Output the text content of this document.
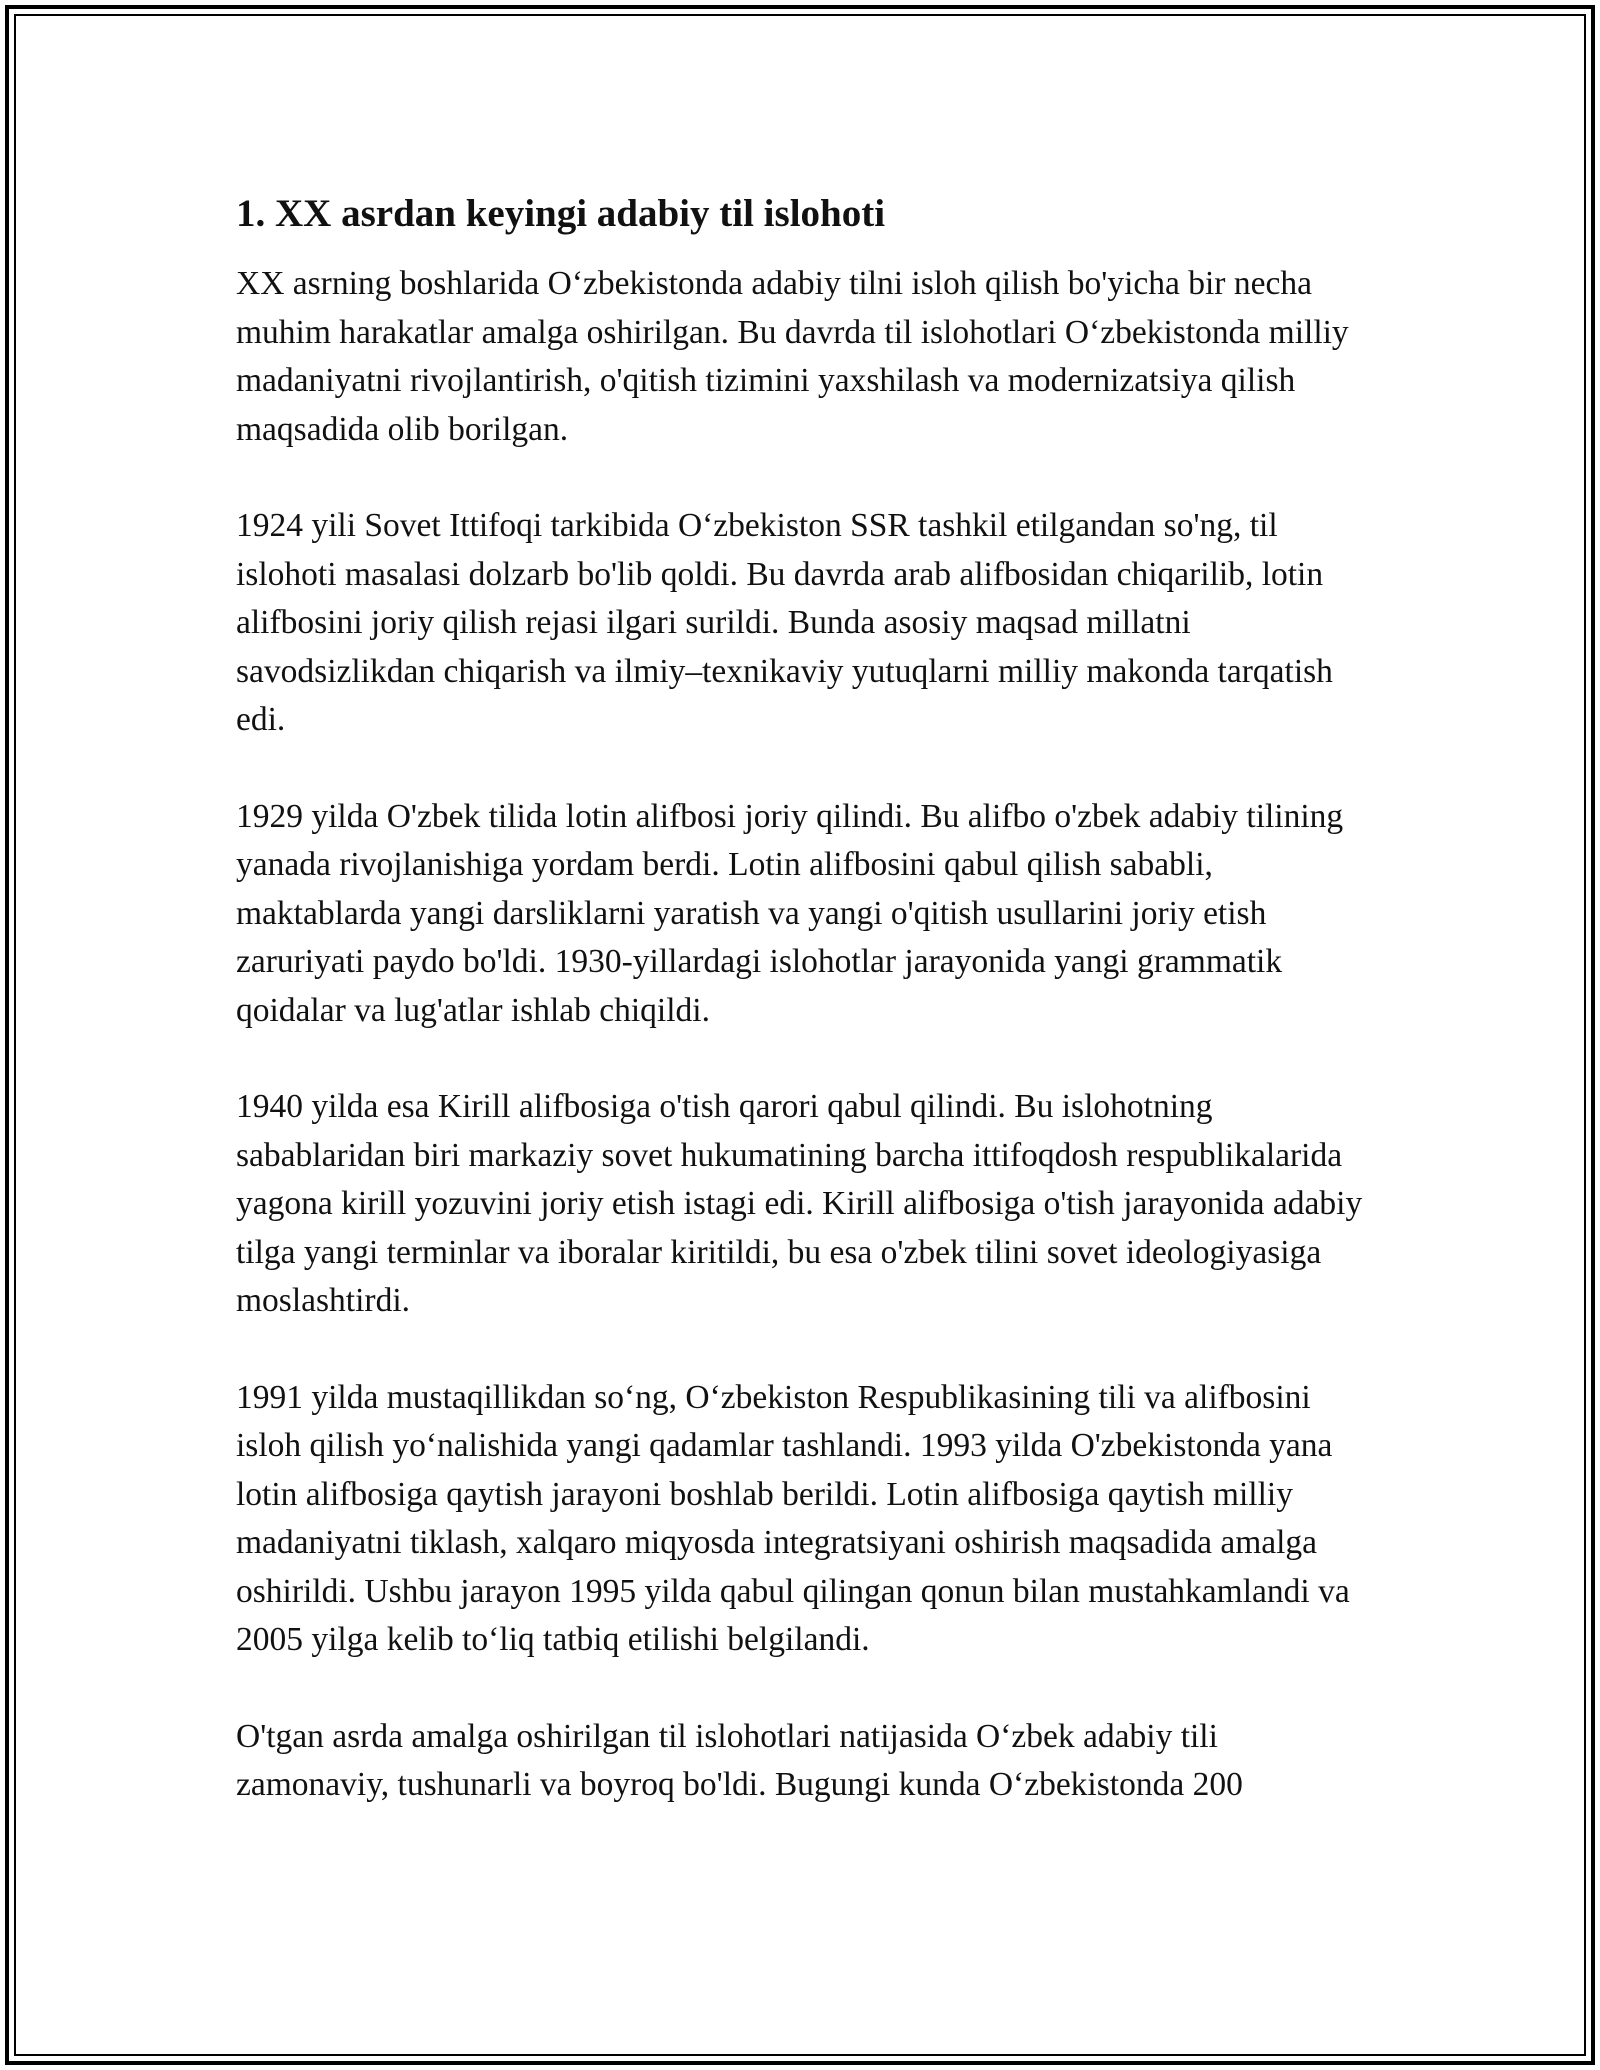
1. XX asrdan keyingi adabiy til islohoti

XX asrning boshlarida O‘zbekistonda adabiy tilni isloh qilish bo'yicha bir necha muhim harakatlar amalga oshirilgan. Bu davrda til islohotlari O‘zbekistonda milliy madaniyatni rivojlantirish, o'qitish tizimini yaxshilash va modernizatsiya qilish maqsadida olib borilgan.

1924 yili Sovet Ittifoqi tarkibida O‘zbekiston SSR tashkil etilgandan so'ng, til islohoti masalasi dolzarb bo'lib qoldi. Bu davrda arab alifbosidan chiqarilib, lotin alifbosini joriy qilish rejasi ilgari surildi. Bunda asosiy maqsad millatni savodsizlikdan chiqarish va ilmiy–texnikaviy yutuqlarni milliy makonda tarqatish edi.

1929 yilda O'zbek tilida lotin alifbosi joriy qilindi. Bu alifbo o'zbek adabiy tilining yanada rivojlanishiga yordam berdi. Lotin alifbosini qabul qilish sababli, maktablarda yangi darsliklarni yaratish va yangi o'qitish usullarini joriy etish zaruriyati paydo bo'ldi. 1930-yillardagi islohotlar jarayonida yangi grammatik qoidalar va lug'atlar ishlab chiqildi.

1940 yilda esa Kirill alifbosiga o'tish qarori qabul qilindi. Bu islohotning sabablaridan biri markaziy sovet hukumatining barcha ittifoqdosh respublikalarida yagona kirill yozuvini joriy etish istagi edi. Kirill alifbosiga o'tish jarayonida adabiy tilga yangi terminlar va iboralar kiritildi, bu esa o'zbek tilini sovet ideologiyasiga moslashtirdi.

1991 yilda mustaqillikdan so‘ng, O‘zbekiston Respublikasining tili va alifbosini isloh qilish yo‘nalishida yangi qadamlar tashlandi. 1993 yilda O'zbekistonda yana lotin alifbosiga qaytish jarayoni boshlab berildi. Lotin alifbosiga qaytish milliy madaniyatni tiklash, xalqaro miqyosda integratsiyani oshirish maqsadida amalga oshirildi. Ushbu jarayon 1995 yilda qabul qilingan qonun bilan mustahkamlandi va 2005 yilga kelib to‘liq tatbiq etilishi belgilandi.

O'tgan asrda amalga oshirilgan til islohotlari natijasida O‘zbek adabiy tili zamonaviy, tushunarli va boyroq bo'ldi. Bugungi kunda O‘zbekistonda 200
